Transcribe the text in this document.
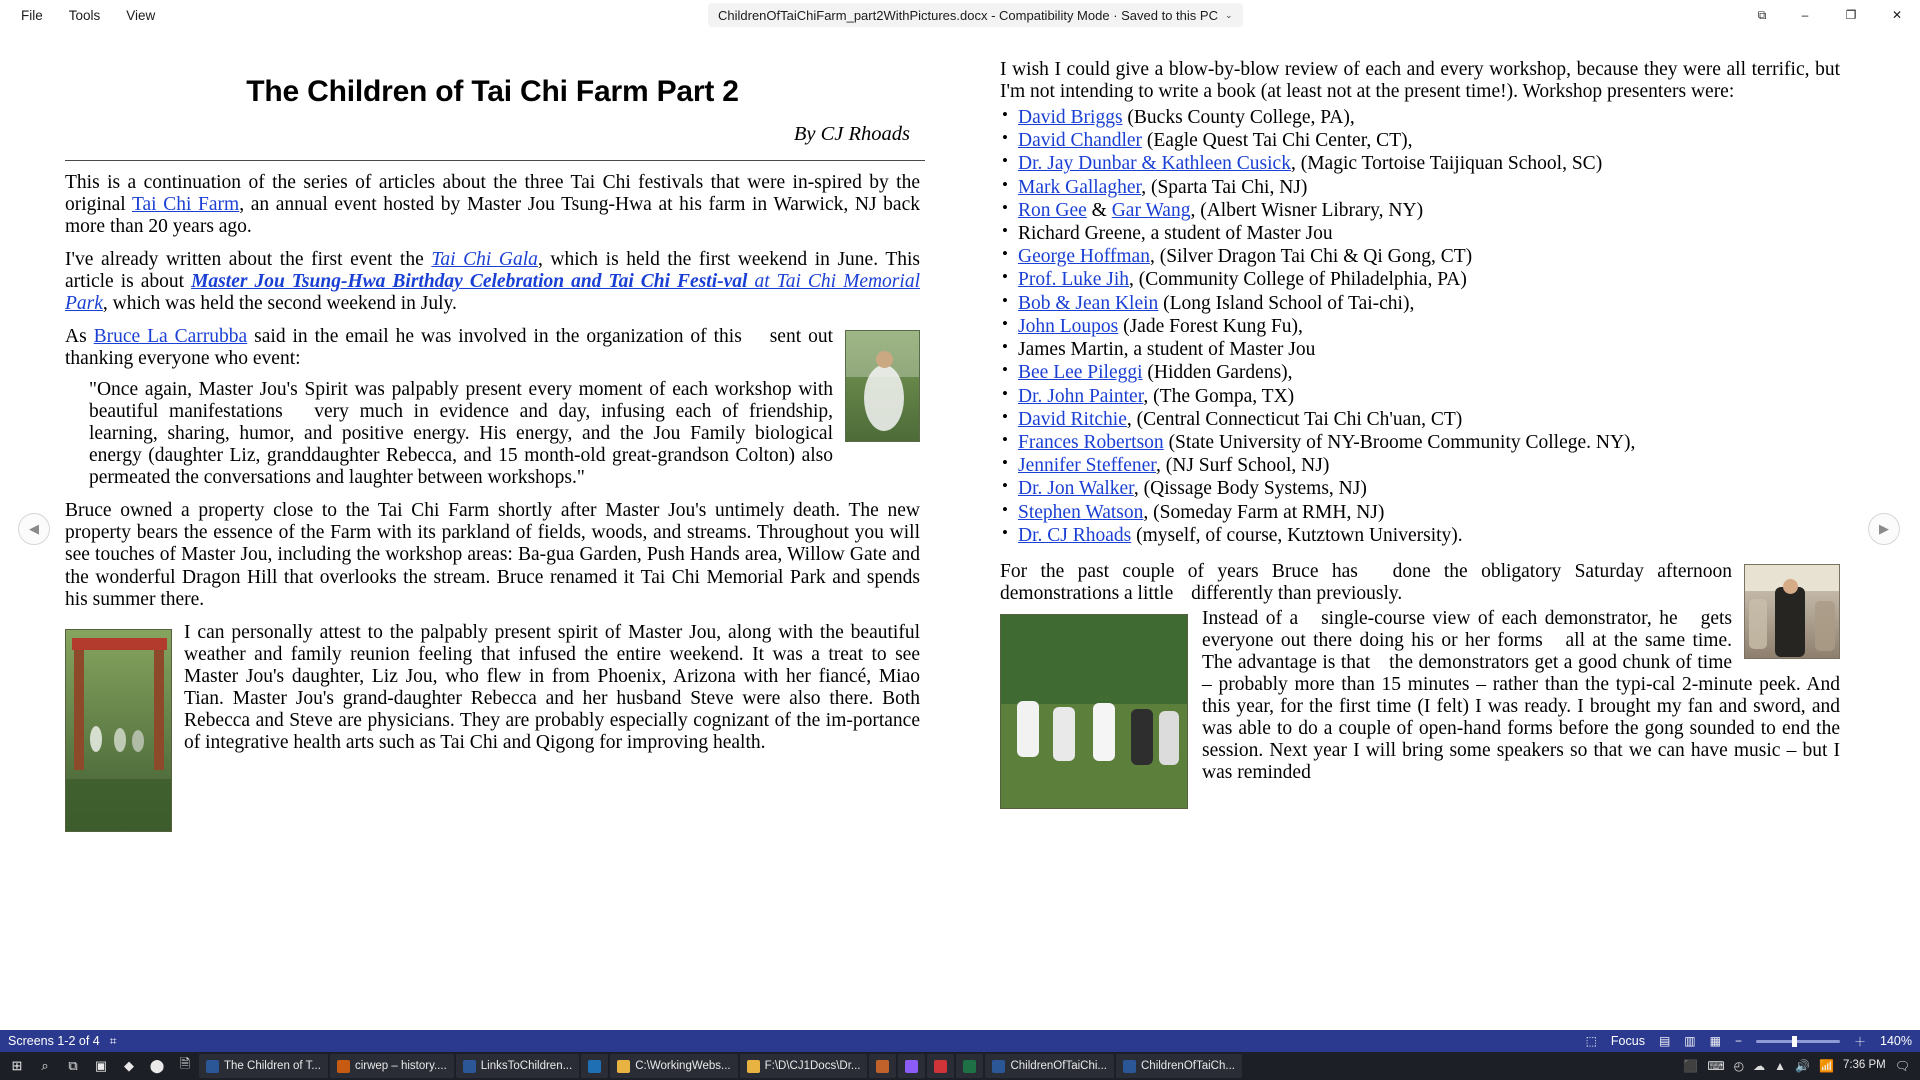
File	Tools	View	ChildrenOfTaiChiFarm_part2WithPictures.docx - Compatibility Mode · Saved to this PC ⌄	⧉	–	❐	✕
◀	▶
The Children of Tai Chi Farm Part 2
By CJ Rhoads

This is a continuation of the series of articles about the three Tai Chi festivals that were in-spired by the original Tai Chi Farm, an annual event hosted by Master Jou Tsung-Hwa at his farm in Warwick, NJ back more than 20 years ago.

I've already written about the first event the Tai Chi Gala, which is held the first weekend in June. This article is about Master Jou Tsung-Hwa Birthday Celebration and Tai Chi Festi-val at Tai Chi Memorial Park, which was held the second weekend in July.

As Bruce La Carrubba said in the email he was involved in the organization of this sent out thanking everyone who event:

"Once again, Master Jou's Spirit was palpably present every moment of each workshop with beautiful manifestations very much in evidence and day, infusing each of friendship, learning, sharing, humor, and positive energy. His energy, and the Jou Family biological energy (daughter Liz, granddaughter Rebecca, and 15 month-old great-grandson Colton) also permeated the conversations and laughter between workshops."

Bruce owned a property close to the Tai Chi Farm shortly after Master Jou's untimely death. The new property bears the essence of the Farm with its parkland of fields, woods, and streams. Throughout you will see touches of Master Jou, including the workshop areas: Ba-gua Garden, Push Hands area, Willow Gate and the wonderful Dragon Hill that overlooks the stream. Bruce renamed it Tai Chi Memorial Park and spends his summer there.

I can personally attest to the palpably present spirit of Master Jou, along with the beautiful weather and family reunion feeling that infused the entire weekend. It was a treat to see Master Jou's daughter, Liz Jou, who flew in from Phoenix, Arizona with her fiancé, Miao Tian. Master Jou's grand-daughter Rebecca and her husband Steve were also there. Both Rebecca and Steve are physicians. They are probably especially cognizant of the im-portance of integrative health arts such as Tai Chi and Qigong for improving health.

I wish I could give a blow-by-blow review of each and every workshop, because they were all terrific, but I'm not intending to write a book (at least not at the present time!). Workshop presenters were:

• David Briggs (Bucks County College, PA),
• David Chandler (Eagle Quest Tai Chi Center, CT),
• Dr. Jay Dunbar & Kathleen Cusick, (Magic Tortoise Taijiquan School, SC)
• Mark Gallagher, (Sparta Tai Chi, NJ)
• Ron Gee & Gar Wang, (Albert Wisner Library, NY)
• Richard Greene, a student of Master Jou
• George Hoffman, (Silver Dragon Tai Chi & Qi Gong, CT)
• Prof. Luke Jih, (Community College of Philadelphia, PA)
• Bob & Jean Klein (Long Island School of Tai-chi),
• John Loupos (Jade Forest Kung Fu),
• James Martin, a student of Master Jou
• Bee Lee Pileggi (Hidden Gardens),
• Dr. John Painter, (The Gompa, TX)
• David Ritchie, (Central Connecticut Tai Chi Ch'uan, CT)
• Frances Robertson (State University of NY-Broome Community College. NY),
• Jennifer Steffener, (NJ Surf School, NJ)
• Dr. Jon Walker, (Qissage Body Systems, NJ)
• Stephen Watson, (Someday Farm at RMH, NJ)
• Dr. CJ Rhoads (myself, of course, Kutztown University).

For the past couple of years Bruce has done the obligatory Saturday afternoon demonstrations a little differently than previously.

Instead of a single-course view of each demonstrator, he gets everyone out there doing his or her forms all at the same time. The advantage is that the demonstrators get a good chunk of time – probably more than 15 minutes – rather than the typi-cal 2-minute peek. And this year, for the first time (I felt) I was ready. I brought my fan and sword, and was able to do a couple of open-hand forms before the gong sounded to end the session. Next year I will bring some speakers so that we can have music – but I was reminded

Screens 1-2 of 4 ⌗	⬚ Focus ▤ ▥ ▦ −	＋ 140%
⊞	⌕	⧉	▣	◆	⬤	🗎	The Children of T...	cirwep – history....	LinksToChildren...	C:\WorkingWebs...	F:\D\CJ1Docs\Dr...	ChildrenOfTaiChi...	ChildrenOfTaiCh...	⬛ ⌨ ◴ ☁ ▲ 🔊 📶 7:36 PM 🗨
